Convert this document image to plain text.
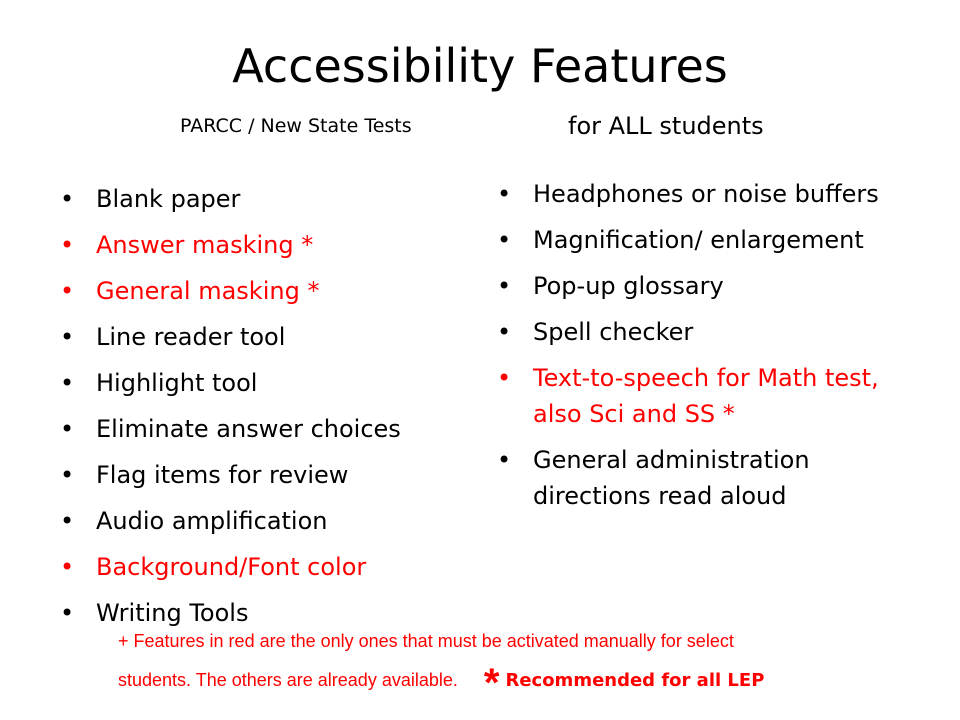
Accessibility Features
PARCC / New State Tests	for ALL students
• Blank paper
• Answer masking *
• General masking *
• Line reader tool
• Highlight tool
• Eliminate answer choices
• Flag items for review
• Audio amplification
• Background/Font color
• Writing Tools
• Headphones or noise buffers
• Magnification/ enlargement
• Pop-up glossary
• Spell checker
• Text-to-speech for Math test, also Sci and SS *
• General administration directions read aloud
+ Features in red are the only ones that must be activated manually for select
students. The others are already available. * Recommended for all LEP
